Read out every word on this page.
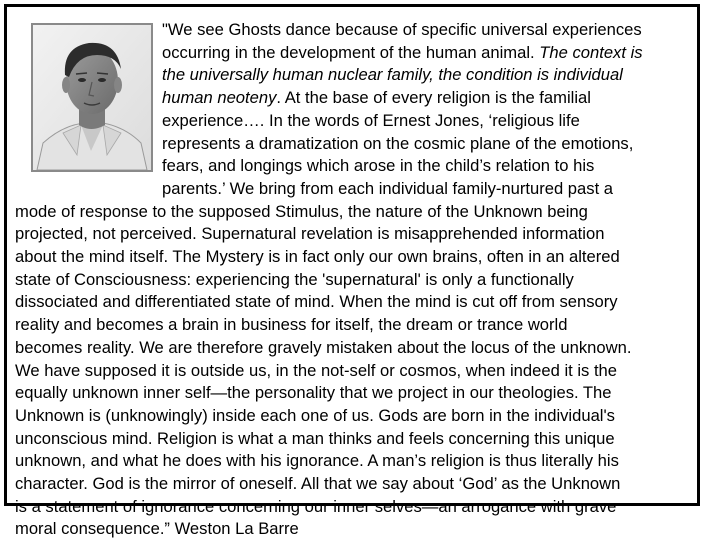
"We see Ghosts dance because of specific universal experiences
occurring in the development of the human animal. The context is
the universally human nuclear family, the condition is individual
human neoteny. At the base of every religion is the familial
experience…. In the words of Ernest Jones, ‘religious life
represents a dramatization on the cosmic plane of the emotions,
fears, and longings which arose in the child’s relation to his
parents.’ We bring from each individual family-nurtured past a
mode of response to the supposed Stimulus, the nature of the Unknown being
projected, not perceived. Supernatural revelation is misapprehended information
about the mind itself. The Mystery is in fact only our own brains, often in an altered
state of Consciousness: experiencing the 'supernatural' is only a functionally
dissociated and differentiated state of mind. When the mind is cut off from sensory
reality and becomes a brain in business for itself, the dream or trance world
becomes reality. We are therefore gravely mistaken about the locus of the unknown.
We have supposed it is outside us, in the not-self or cosmos, when indeed it is the
equally unknown inner self—the personality that we project in our theologies. The
Unknown is (unknowingly) inside each one of us. Gods are born in the individual's
unconscious mind. Religion is what a man thinks and feels concerning this unique
unknown, and what he does with his ignorance. A man’s religion is thus literally his
character. God is the mirror of oneself. All that we say about ‘God’ as the Unknown
is a statement of ignorance concerning our inner selves—an arrogance with grave
moral consequence.” Weston La Barre
